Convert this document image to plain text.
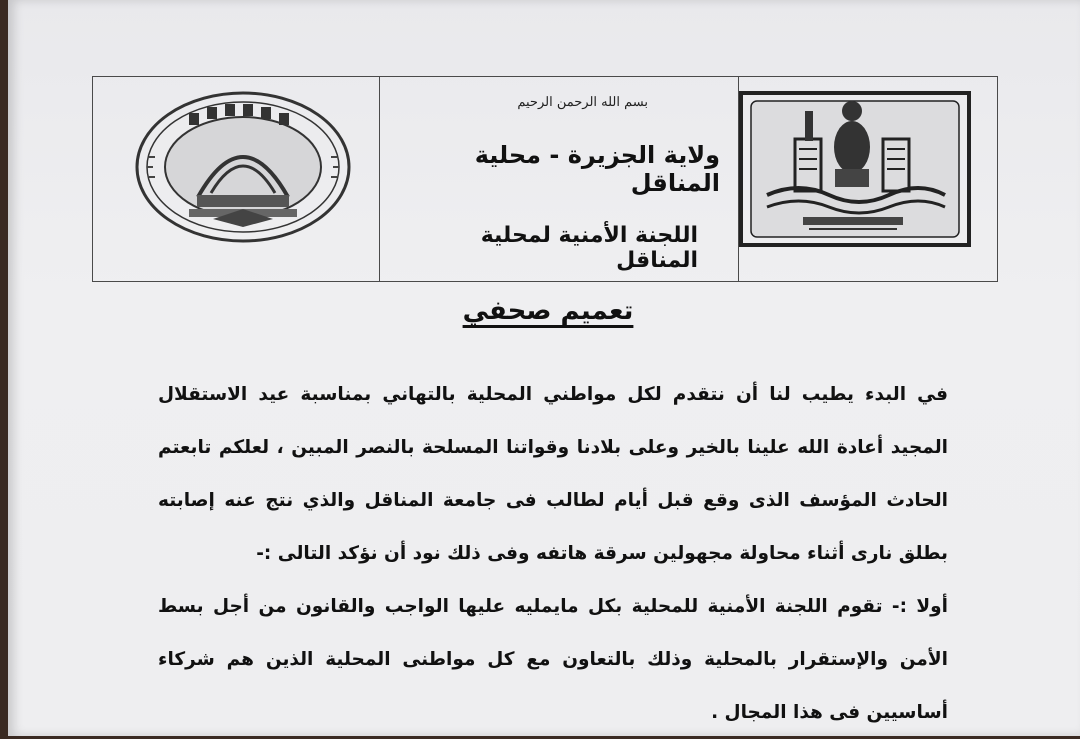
بسم الله الرحمن الرحيم
ولاية الجزيرة - محلية المناقل
اللجنة الأمنية لمحلية المناقل
تعميم صحفي

في البدء يطيب لنا أن نتقدم لكل مواطني المحلية بالتهاني بمناسبة عيد الاستقلال المجيد أعادة الله علينا بالخير وعلى بلادنا وقواتنا المسلحة بالنصر المبين ، لعلكم تابعتم الحادث المؤسف الذى وقع قبل أيام لطالب فى جامعة المناقل والذي نتج عنه إصابته بطلق نارى أثناء محاولة مجهولين سرقة هاتفه وفى ذلك نود أن نؤكد التالى :-

أولا :- تقوم اللجنة الأمنية للمحلية بكل مايمليه عليها الواجب والقانون من أجل بسط الأمن والإستقرار بالمحلية وذلك بالتعاون مع كل مواطنى المحلية الذين هم شركاء أساسيين فى هذا المجال .
